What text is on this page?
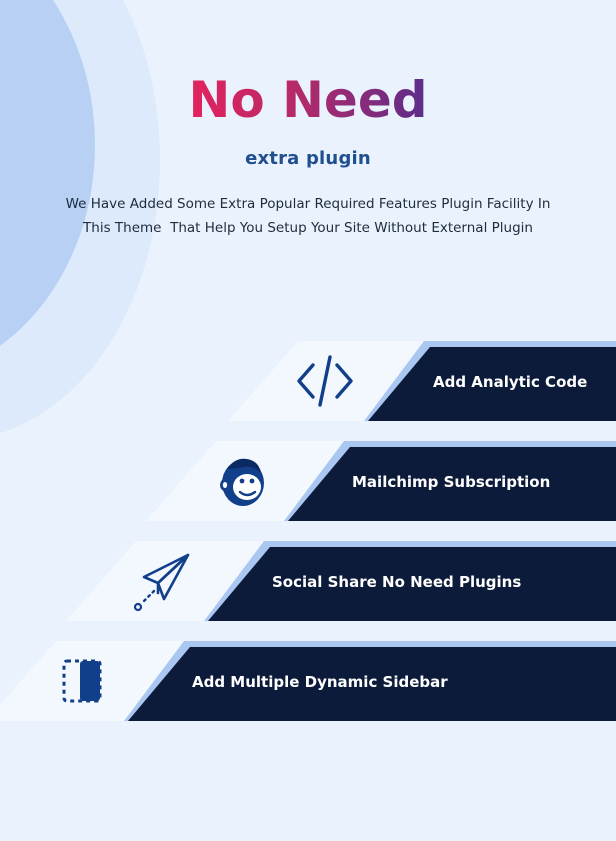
No Need
extra plugin
We Have Added Some Extra Popular Required Features Plugin Facility In
This Theme  That Help You Setup Your Site Without External Plugin
Add Analytic Code
Mailchimp Subscription
Social Share No Need Plugins
Add Multiple Dynamic Sidebar
